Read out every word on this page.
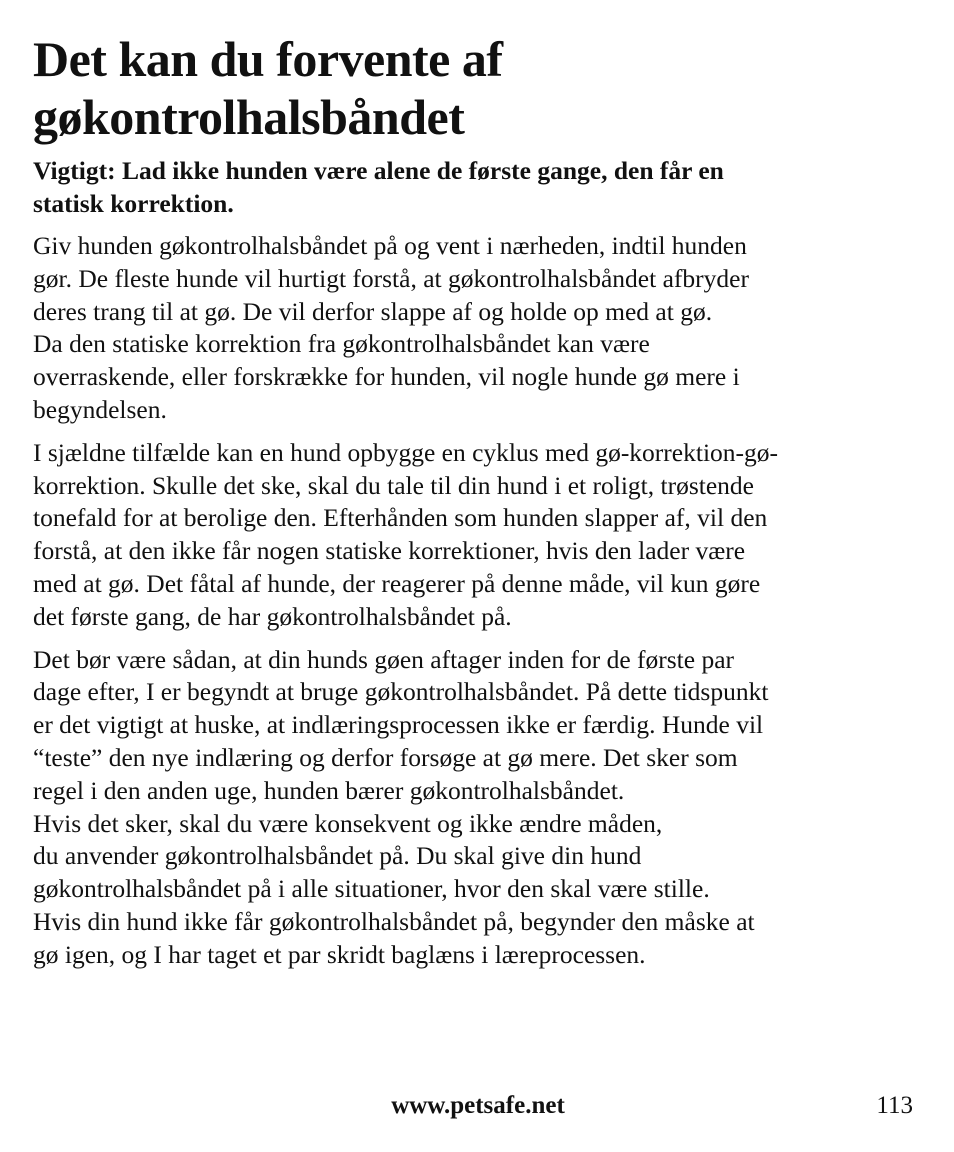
Det kan du forvente af
gøkontrolhalsbåndet

Vigtigt: Lad ikke hunden være alene de første gange, den får en
statisk korrektion.

Giv hunden gøkontrolhalsbåndet på og vent i nærheden, indtil hunden
gør. De fleste hunde vil hurtigt forstå, at gøkontrolhalsbåndet afbryder
deres trang til at gø. De vil derfor slappe af og holde op med at gø.
Da den statiske korrektion fra gøkontrolhalsbåndet kan være
overraskende, eller forskrække for hunden, vil nogle hunde gø mere i
begyndelsen.

I sjældne tilfælde kan en hund opbygge en cyklus med gø-korrektion-gø-
korrektion. Skulle det ske, skal du tale til din hund i et roligt, trøstende
tonefald for at berolige den. Efterhånden som hunden slapper af, vil den
forstå, at den ikke får nogen statiske korrektioner, hvis den lader være
med at gø. Det fåtal af hunde, der reagerer på denne måde, vil kun gøre
det første gang, de har gøkontrolhalsbåndet på.

Det bør være sådan, at din hunds gøen aftager inden for de første par
dage efter, I er begyndt at bruge gøkontrolhalsbåndet. På dette tidspunkt
er det vigtigt at huske, at indlæringsprocessen ikke er færdig. Hunde vil
“teste” den nye indlæring og derfor forsøge at gø mere. Det sker som
regel i den anden uge, hunden bærer gøkontrolhalsbåndet.
Hvis det sker, skal du være konsekvent og ikke ændre måden,
du anvender gøkontrolhalsbåndet på. Du skal give din hund
gøkontrolhalsbåndet på i alle situationer, hvor den skal være stille.
Hvis din hund ikke får gøkontrolhalsbåndet på, begynder den måske at
gø igen, og I har taget et par skridt baglæns i læreprocessen.

www.petsafe.net	113
